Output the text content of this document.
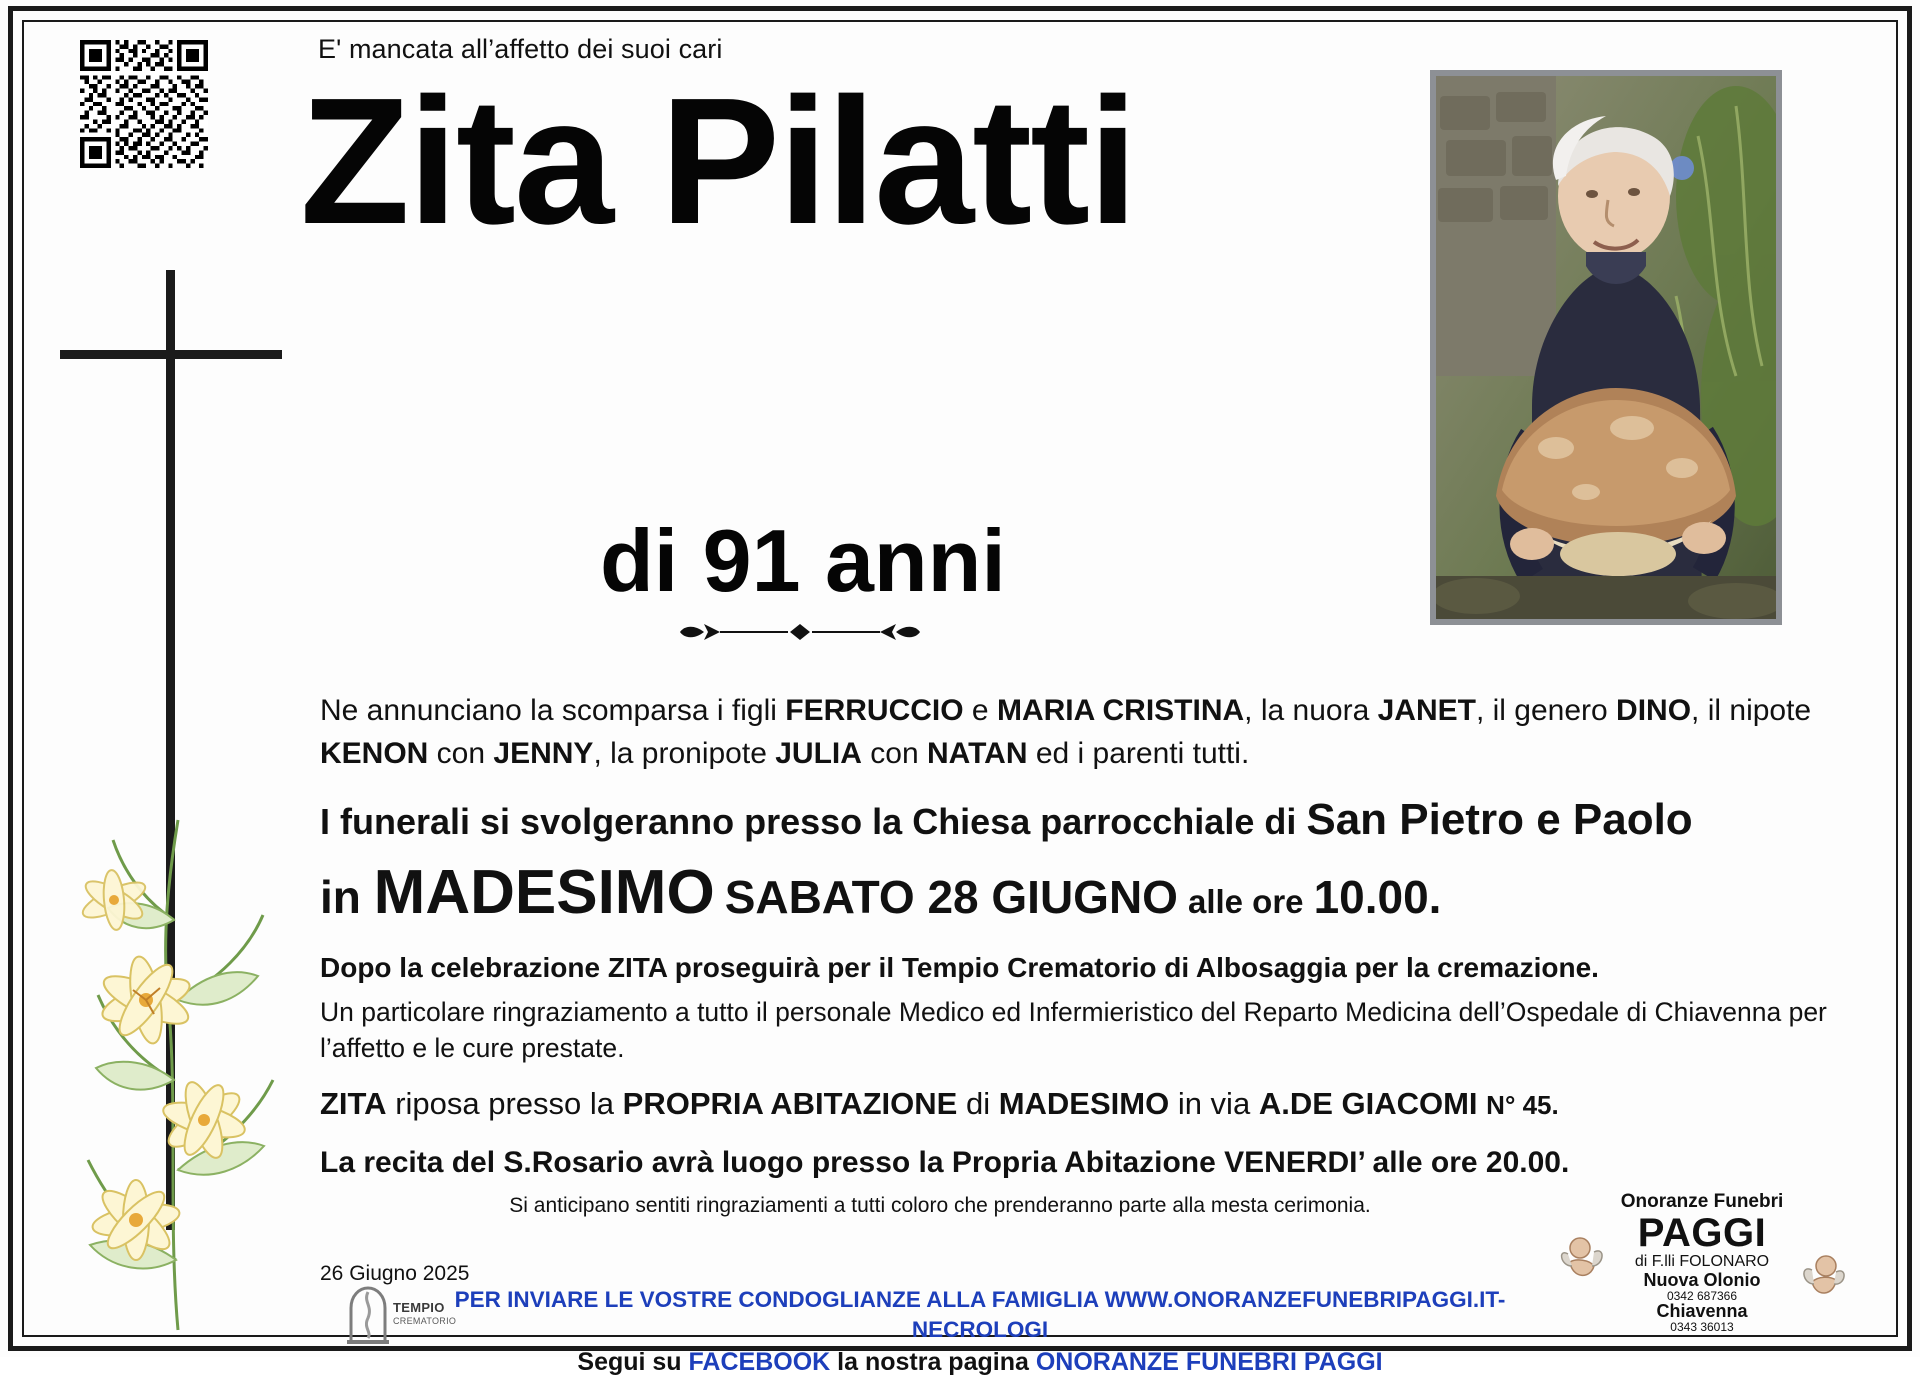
E' mancata all’affetto dei suoi cari
Zita Pilatti
di 91 anni
Ne annunciano la scomparsa i figli FERRUCCIO e MARIA CRISTINA, la nuora JANET, il genero DINO, il nipote KENON con JENNY, la pronipote JULIA con NATAN ed i parenti tutti.
I funerali si svolgeranno presso la Chiesa parrocchiale di San Pietro e Paolo
in MADESIMO SABATO 28 GIUGNO alle ore 10.00.
Dopo la celebrazione ZITA proseguirà per il Tempio Crematorio di Albosaggia per la cremazione.
Un particolare ringraziamento a tutto il personale Medico ed Infermieristico del Reparto Medicina dell’Ospedale di Chiavenna per l’affetto e le cure prestate.
ZITA riposa presso la PROPRIA ABITAZIONE di MADESIMO in via A.DE GIACOMI N° 45.
La recita del S.Rosario avrà luogo presso la Propria Abitazione VENERDI’ alle ore 20.00.
Si anticipano sentiti ringraziamenti a tutti coloro che prenderanno parte alla mesta cerimonia.
26 Giugno 2025
TEMPIO
CREMATORIO
PER INVIARE LE VOSTRE CONDOGLIANZE ALLA FAMIGLIA WWW.ONORANZEFUNEBRIPAGGI.IT-NECROLOGI
Segui su FACEBOOK la nostra pagina ONORANZE FUNEBRI PAGGI
Onoranze Funebri
PAGGI
di F.lli FOLONARO
Nuova Olonio
0342 687366
Chiavenna
0343 36013
